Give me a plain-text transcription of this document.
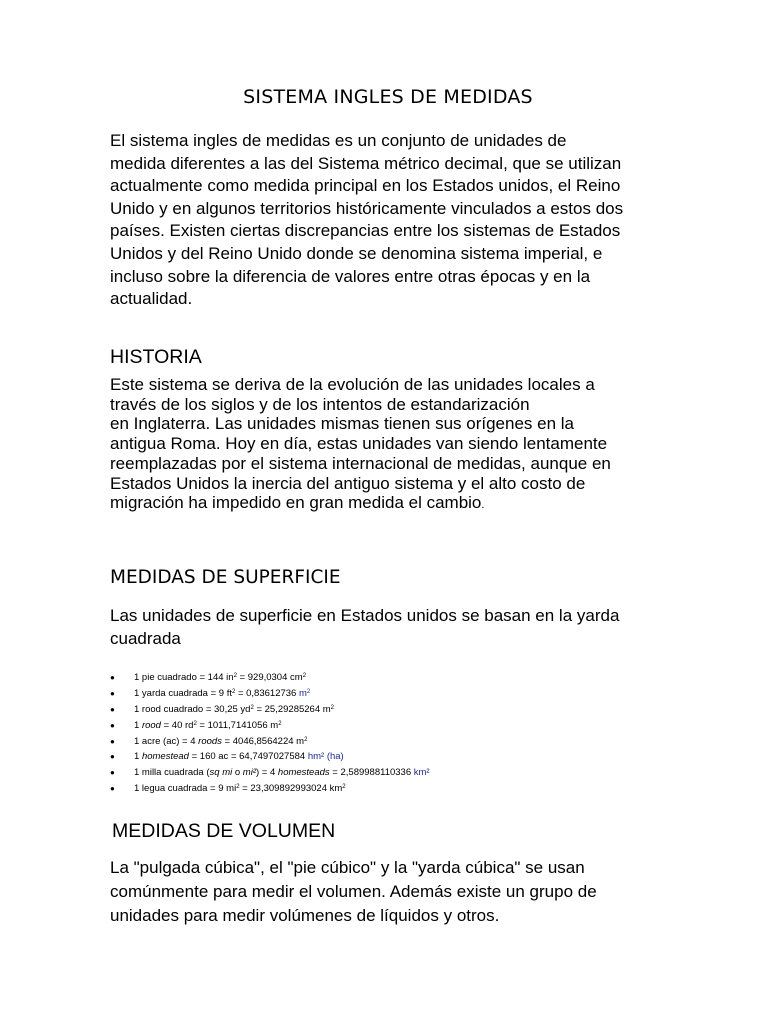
SISTEMA INGLES DE MEDIDAS

El sistema ingles de medidas es un conjunto de unidades de
medida diferentes a las del Sistema métrico decimal, que se utilizan
actualmente como medida principal en los Estados unidos, el Reino
Unido y en algunos territorios históricamente vinculados a estos dos
países. Existen ciertas discrepancias entre los sistemas de Estados
Unidos y del Reino Unido donde se denomina sistema imperial, e
incluso sobre la diferencia de valores entre otras épocas y en la
actualidad.

HISTORIA

Este sistema se deriva de la evolución de las unidades locales a
través de los siglos y de los intentos de estandarización
en Inglaterra. Las unidades mismas tienen sus orígenes en la
antigua Roma. Hoy en día, estas unidades van siendo lentamente
reemplazadas por el sistema internacional de medidas, aunque en
Estados Unidos la inercia del antiguo sistema y el alto costo de
migración ha impedido en gran medida el cambio.

MEDIDAS DE SUPERFICIE

Las unidades de superficie en Estados unidos se basan en la yarda
cuadrada

●	1 pie cuadrado = 144 $in^2 = 929,0304$ $cm^2$
●	1 yarda cuadrada = 9 $ft^2 = 0,83612736$ $m^2$
●	1 rood cuadrado = 30,25 $yd^2 = 25,29285264$ $m^2$
●	1 rood = 40 $rd^2 = 1011,7141056$ $m^2$
●	1 acre (ac) = 4 roods = 4046,8564224 $m^2$
●	1 homestead = 160 ac = 64,7497027584 hm² (ha)
●	1 milla cuadrada (sq mi o mi²) = 4 homesteads = 2,589988110336 km²
●	1 legua cuadrada = 9 $mi^2 = 23,309892993024$ $km^2$
MEDIDAS DE VOLUMEN

La "pulgada cúbica", el "pie cúbico" y la "yarda cúbica" se usan
comúnmente para medir el volumen. Además existe un grupo de
unidades para medir volúmenes de líquidos y otros.
